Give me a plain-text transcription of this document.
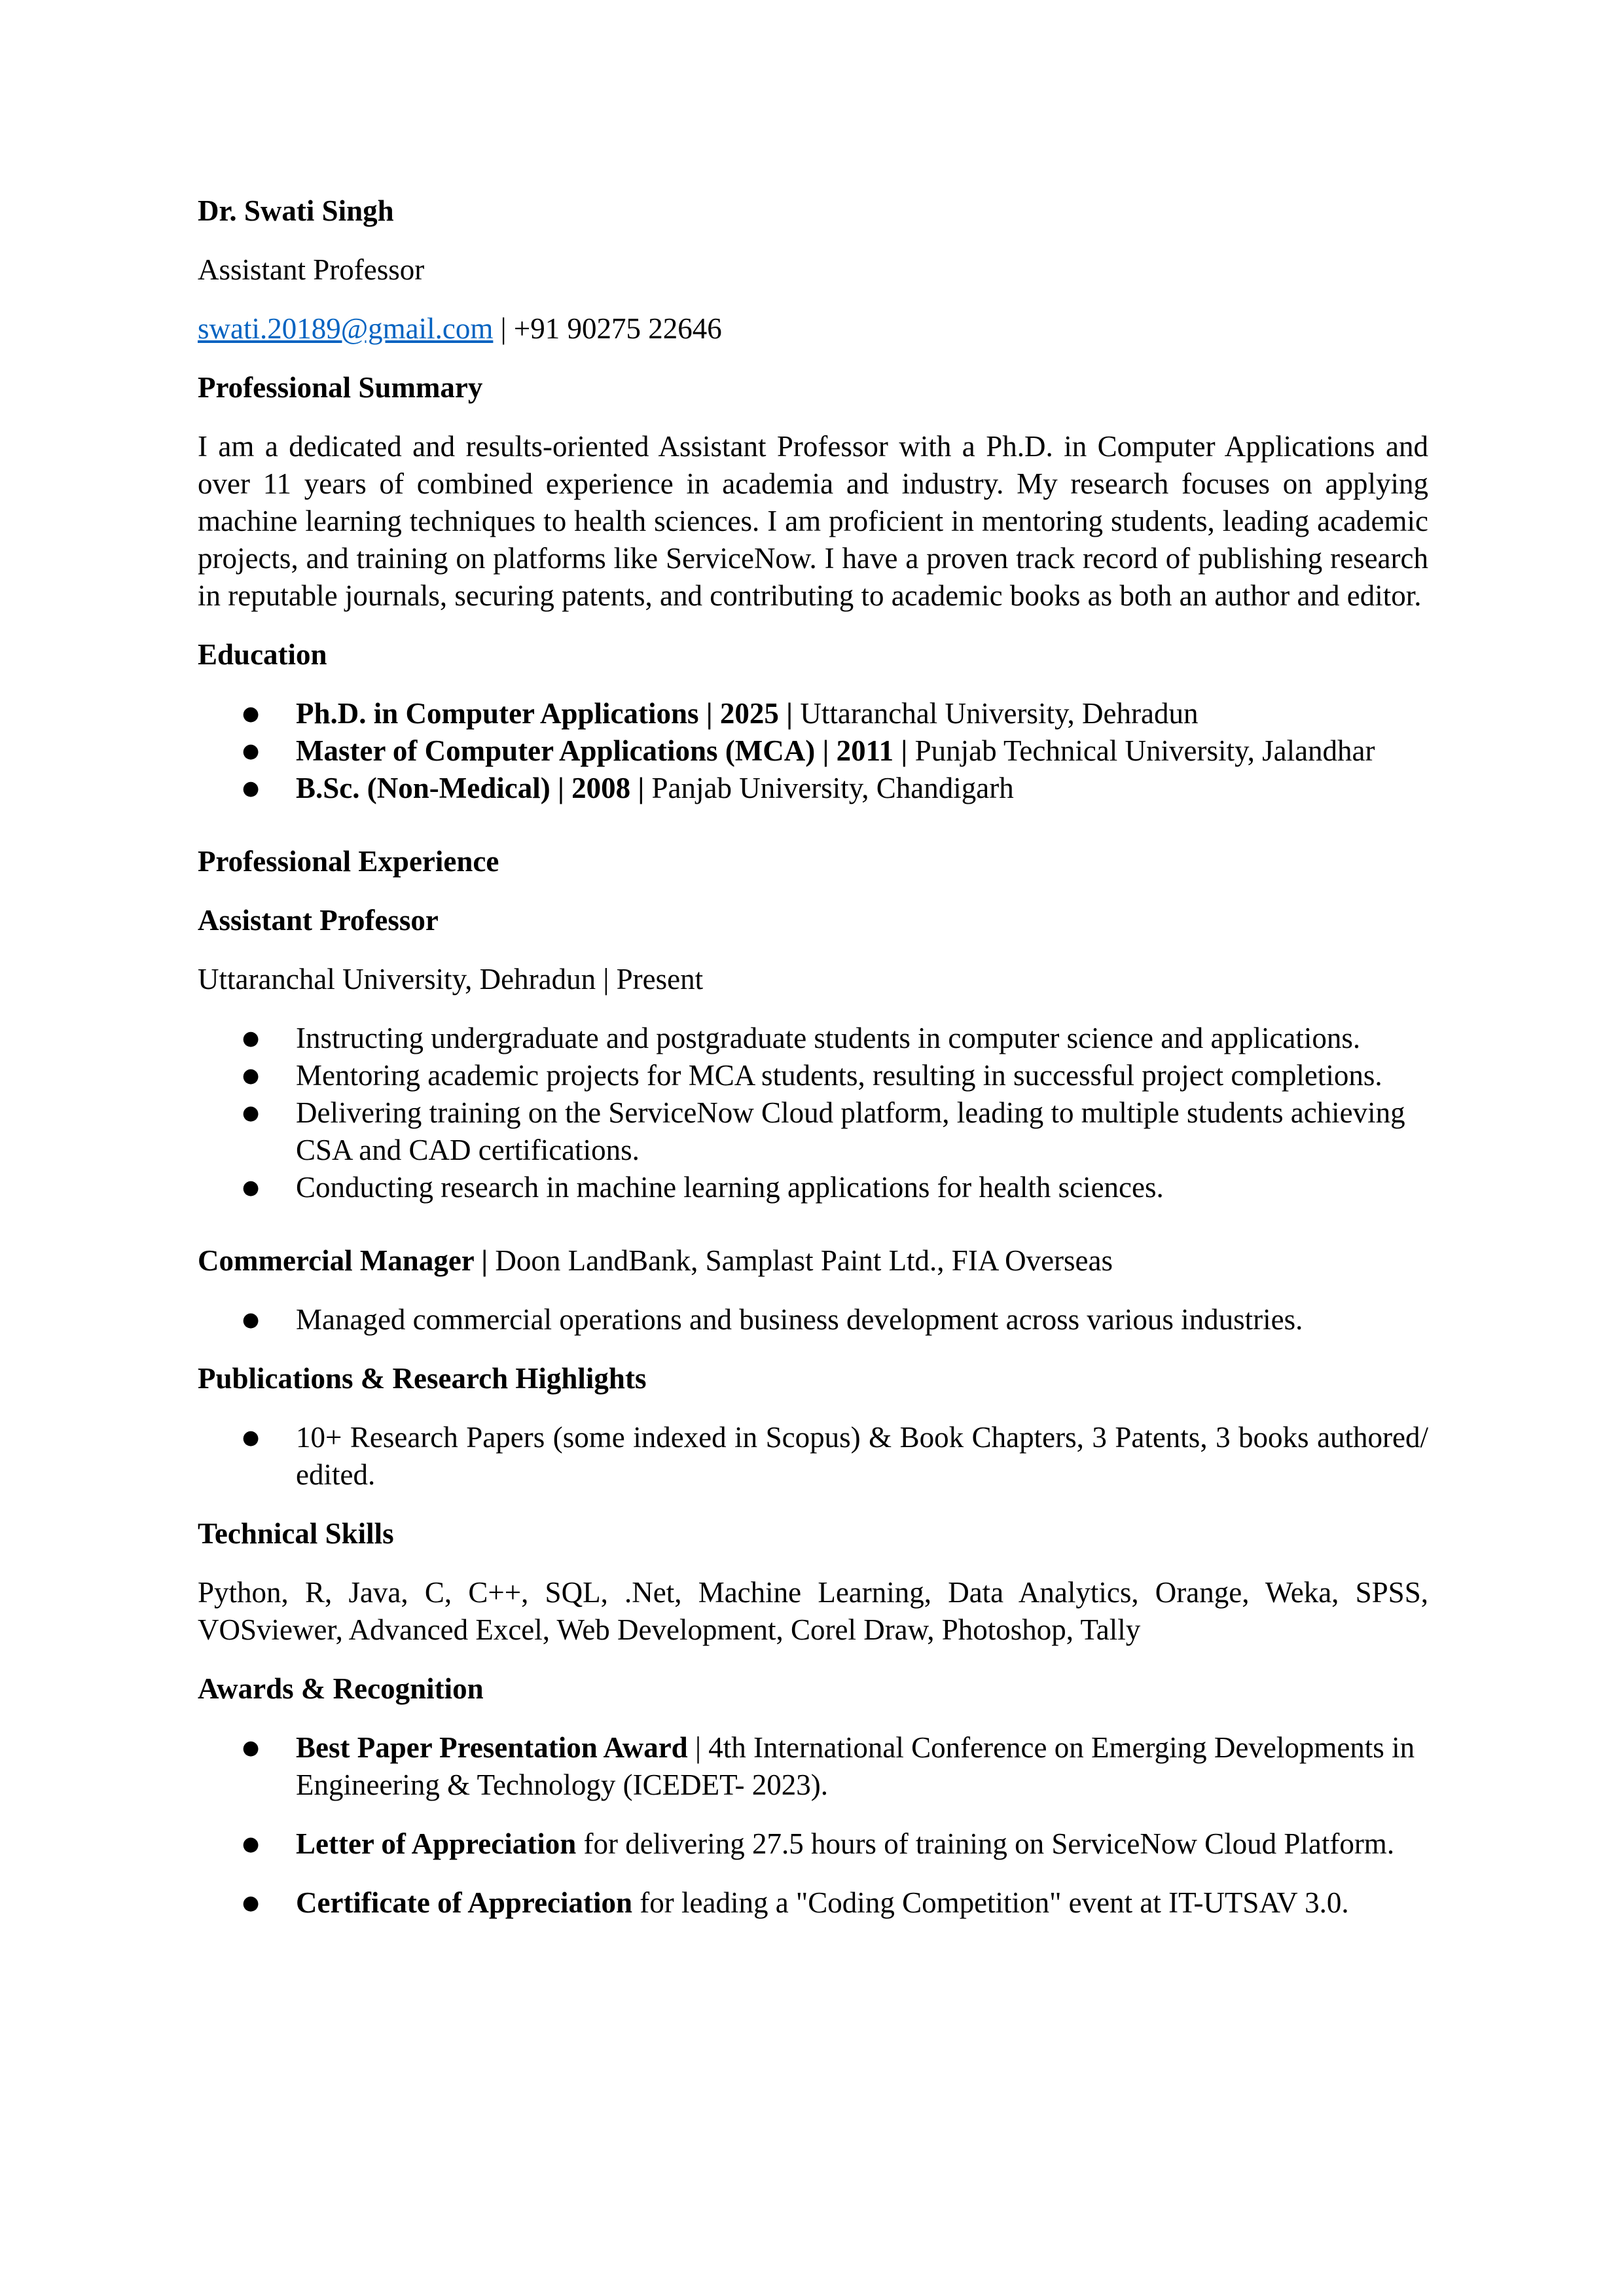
Dr. Swati Singh
Assistant Professor
swati.20189@gmail.com | +91 90275 22646
Professional Summary

I am a dedicated and results-oriented Assistant Professor with a Ph.D. in Computer Applications and over 11 years of combined experience in academia and industry. My research focuses on applying machine learning techniques to health sciences. I am proficient in mentoring students, leading academic projects, and training on platforms like ServiceNow. I have a proven track record of publishing research in reputable journals, securing patents, and contributing to academic books as both an author and editor.

Education
● Ph.D. in Computer Applications | 2025 | Uttaranchal University, Dehradun
● Master of Computer Applications (MCA) | 2011 | Punjab Technical University, Jalandhar
● B.Sc. (Non-Medical) | 2008 | Panjab University, Chandigarh
Professional Experience
Assistant Professor
Uttaranchal University, Dehradun | Present
● Instructing undergraduate and postgraduate students in computer science and applications.
● Mentoring academic projects for MCA students, resulting in successful project completions.
● Delivering training on the ServiceNow Cloud platform, leading to multiple students achieving CSA and CAD certifications.
● Conducting research in machine learning applications for health sciences.
Commercial Manager | Doon LandBank, Samplast Paint Ltd., FIA Overseas
● Managed commercial operations and business development across various industries.
Publications & Research Highlights
● 10+ Research Papers (some indexed in Scopus) & Book Chapters, 3 Patents, 3 books authored/ edited.
Technical Skills

Python, R, Java, C, C++, SQL, .Net, Machine Learning, Data Analytics, Orange, Weka, SPSS, VOSviewer, Advanced Excel, Web Development, Corel Draw, Photoshop, Tally

Awards & Recognition
● Best Paper Presentation Award | 4th International Conference on Emerging Developments in Engineering & Technology (ICEDET- 2023).
● Letter of Appreciation for delivering 27.5 hours of training on ServiceNow Cloud Platform.
● Certificate of Appreciation for leading a "Coding Competition" event at IT-UTSAV 3.0.
